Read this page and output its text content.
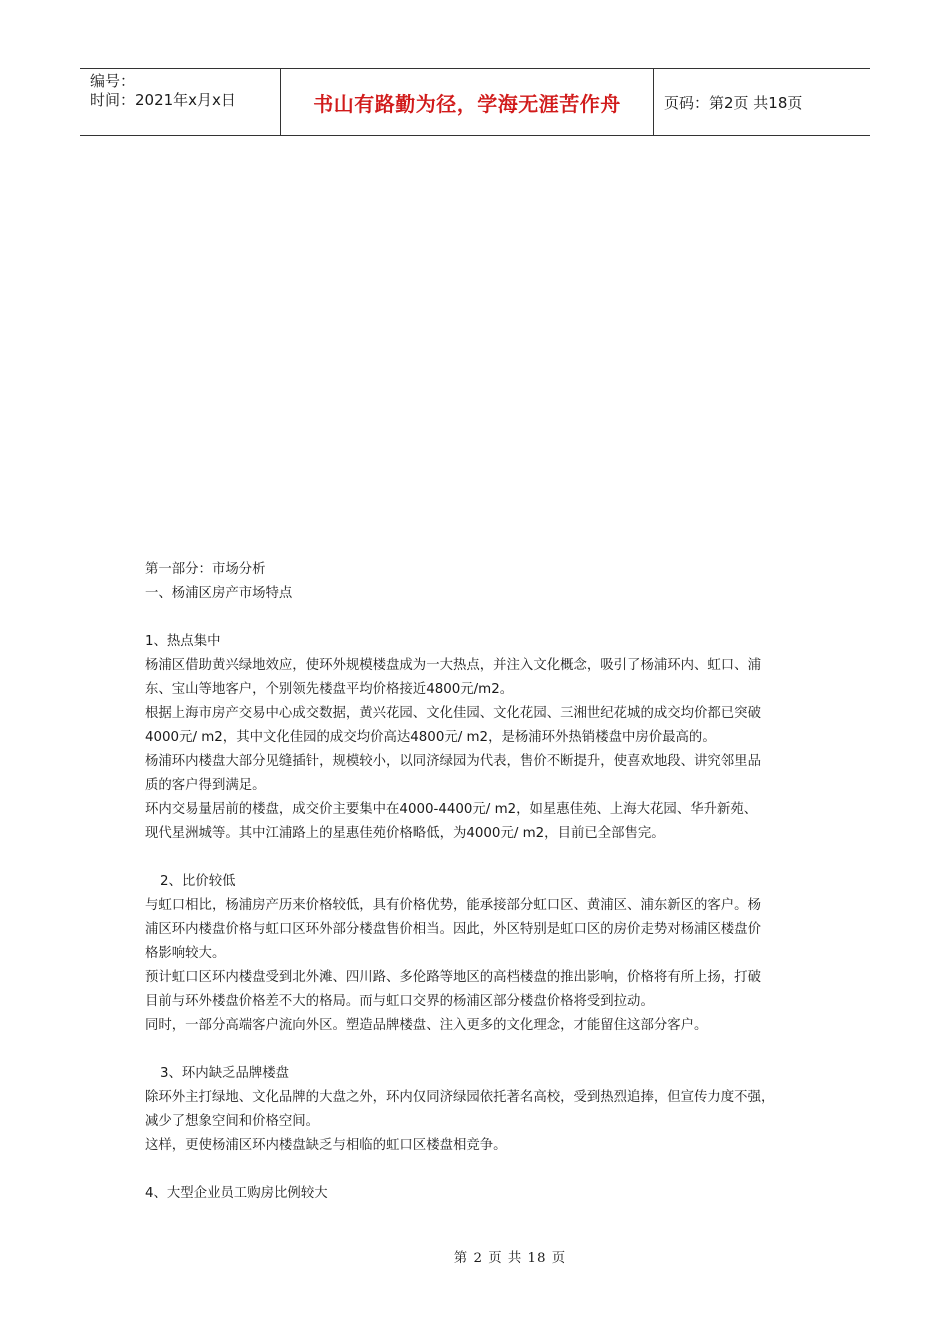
编号：
时间：2021年x月x日	书山有路勤为径，学海无涯苦作舟	页码：第2页 共18页

第一部分：市场分析

一、杨浦区房产市场特点

1、热点集中

杨浦区借助黄兴绿地效应，使环外规模楼盘成为一大热点，并注入文化概念，吸引了杨浦环内、虹口、浦

东、宝山等地客户，个别领先楼盘平均价格接近4800元/m2。

根据上海市房产交易中心成交数据，黄兴花园、文化佳园、文化花园、三湘世纪花城的成交均价都已突破

4000元/ m2，其中文化佳园的成交均价高达4800元/ m2，是杨浦环外热销楼盘中房价最高的。

杨浦环内楼盘大部分见缝插针，规模较小，以同济绿园为代表，售价不断提升，使喜欢地段、讲究邻里品

质的客户得到满足。

环内交易量居前的楼盘，成交价主要集中在4000-4400元/ m2，如星惠佳苑、上海大花园、华升新苑、

现代星洲城等。其中江浦路上的星惠佳苑价格略低，为4000元/ m2，目前已全部售完。

2、比价较低

与虹口相比，杨浦房产历来价格较低，具有价格优势，能承接部分虹口区、黄浦区、浦东新区的客户。杨

浦区环内楼盘价格与虹口区环外部分楼盘售价相当。因此，外区特别是虹口区的房价走势对杨浦区楼盘价

格影响较大。

预计虹口区环内楼盘受到北外滩、四川路、多伦路等地区的高档楼盘的推出影响，价格将有所上扬，打破

目前与环外楼盘价格差不大的格局。而与虹口交界的杨浦区部分楼盘价格将受到拉动。

同时，一部分高端客户流向外区。塑造品牌楼盘、注入更多的文化理念，才能留住这部分客户。

3、环内缺乏品牌楼盘

除环外主打绿地、文化品牌的大盘之外，环内仅同济绿园依托著名高校，受到热烈追捧，但宣传力度不强，

减少了想象空间和价格空间。

这样，更使杨浦区环内楼盘缺乏与相临的虹口区楼盘相竞争。

4、大型企业员工购房比例较大

第 2 页 共 18 页
